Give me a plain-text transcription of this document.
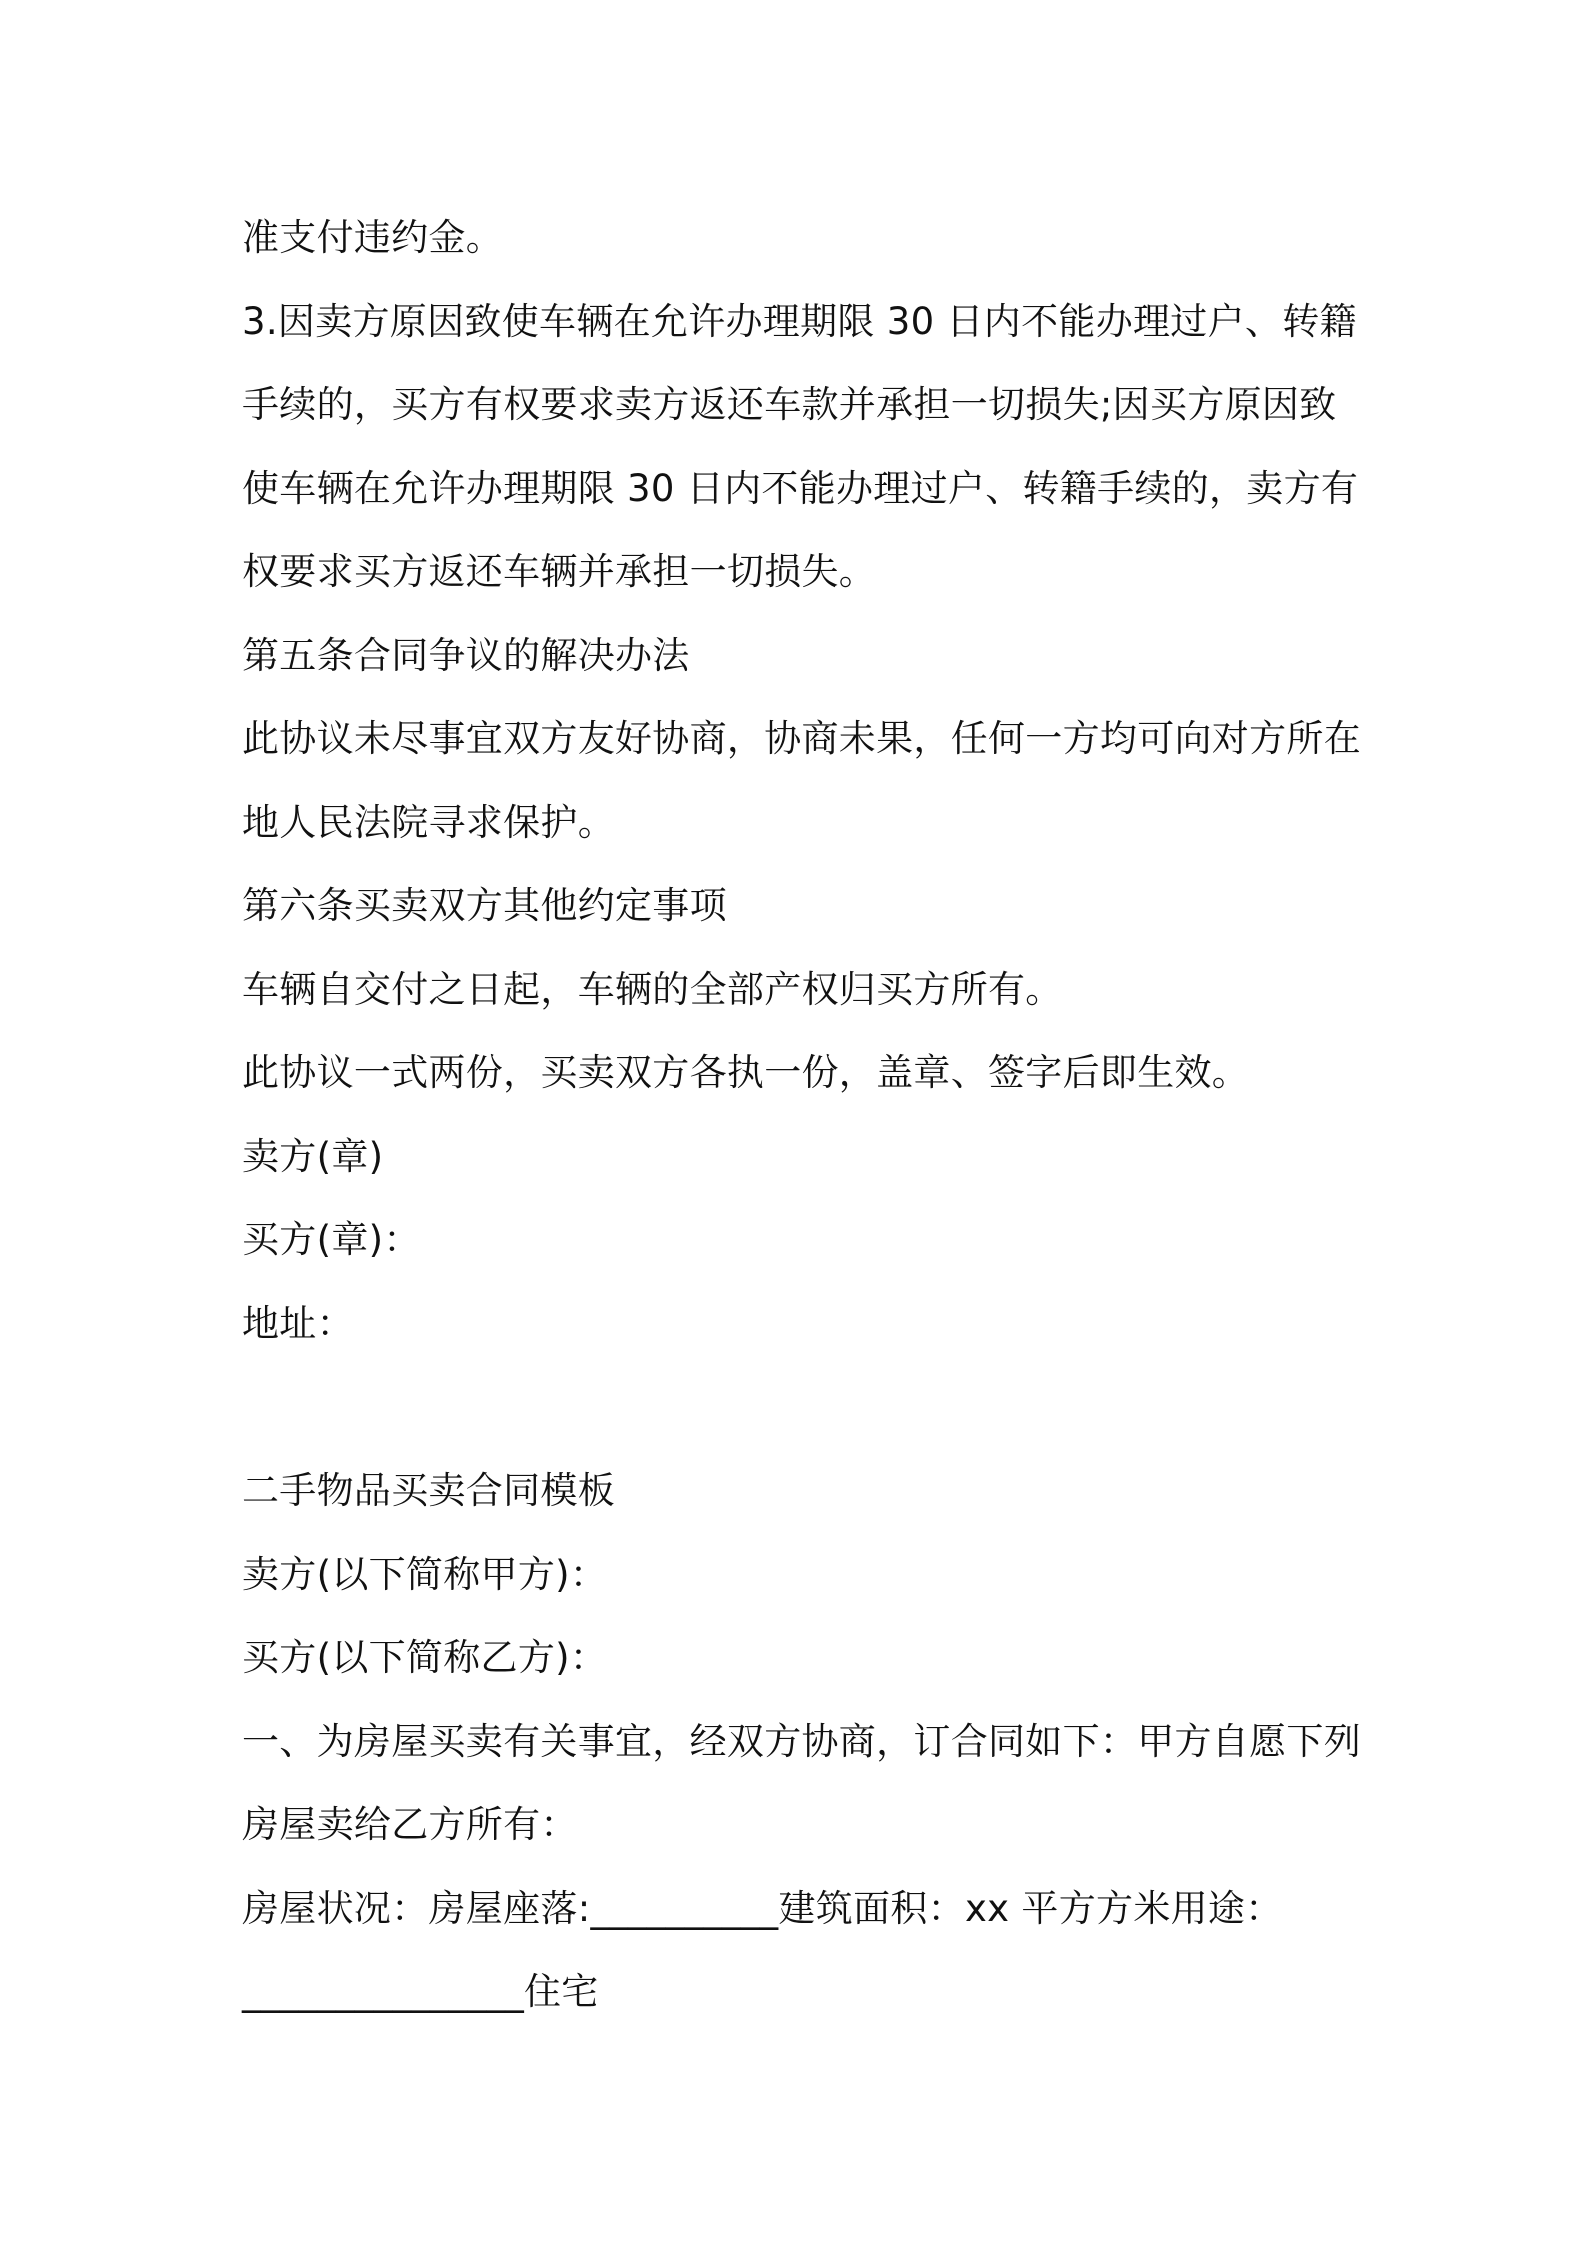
准支付违约金。
3.因卖方原因致使车辆在允许办理期限 30 日内不能办理过户、转籍
手续的，买方有权要求卖方返还车款并承担一切损失;因买方原因致
使车辆在允许办理期限 30 日内不能办理过户、转籍手续的，卖方有
权要求买方返还车辆并承担一切损失。
第五条合同争议的解决办法
此协议未尽事宜双方友好协商，协商未果，任何一方均可向对方所在
地人民法院寻求保护。
第六条买卖双方其他约定事项
车辆自交付之日起，车辆的全部产权归买方所有。
此协议一式两份，买卖双方各执一份，盖章、签字后即生效。
卖方(章)
买方(章)：
地址：
二手物品买卖合同模板
卖方(以下简称甲方)：
买方(以下简称乙方)：
一、为房屋买卖有关事宜，经双方协商，订合同如下：甲方自愿下列
房屋卖给乙方所有：
房屋状况：房屋座落:__________建筑面积：xx 平方方米用途：
_______________住宅
